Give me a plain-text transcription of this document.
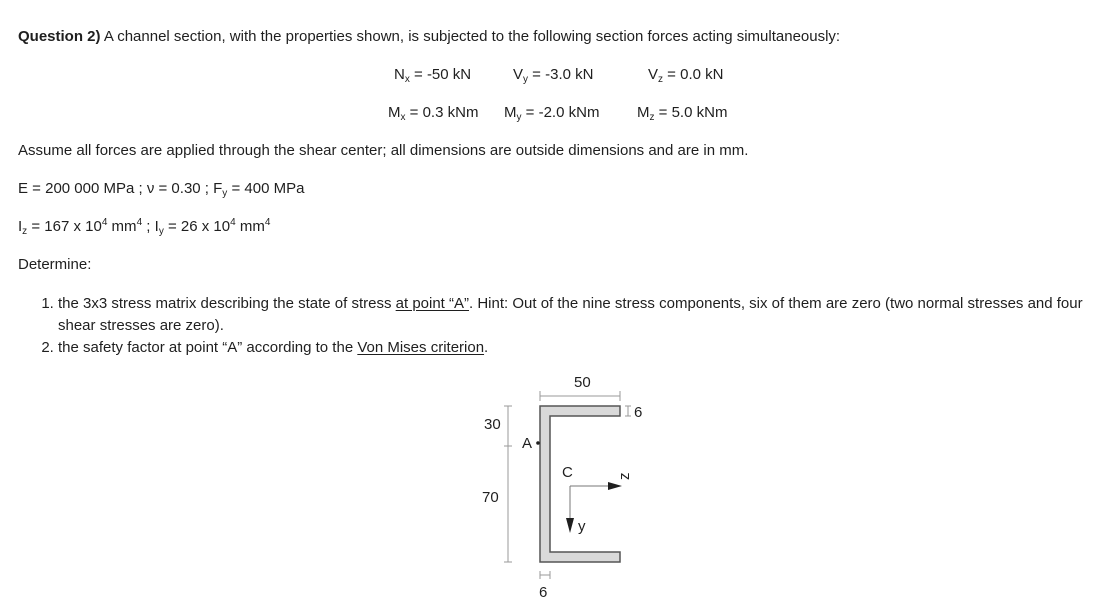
Question 2) A channel section, with the properties shown, is subjected to the following section forces acting simultaneously:
$N_x = -50$ kN	$V_y = -3.0$ kN	$V_z = 0.0$ kN
$M_x = 0.3$ kNm $M_y = -2.0$ kNm	$M_z = 5.0$ kNm
Assume all forces are applied through the shear center; all dimensions are outside dimensions and are in mm.
E = 200 000 MPa ; ν = 0.30 ; $F_y = 400$ MPa
$I_z = 167$ x $10^4$ $mm^4$ ; $I_y = 26$ x $10^4$ $mm^4$
Determine:
1. the 3x3 stress matrix describing the state of stress at point “A”. Hint: Out of the nine stress components, six of them are zero (two normal stresses and four shear stresses are zero).
2. the safety factor at point “A” according to the Von Mises criterion.
50
6
30
70
A
C	z
y
6
